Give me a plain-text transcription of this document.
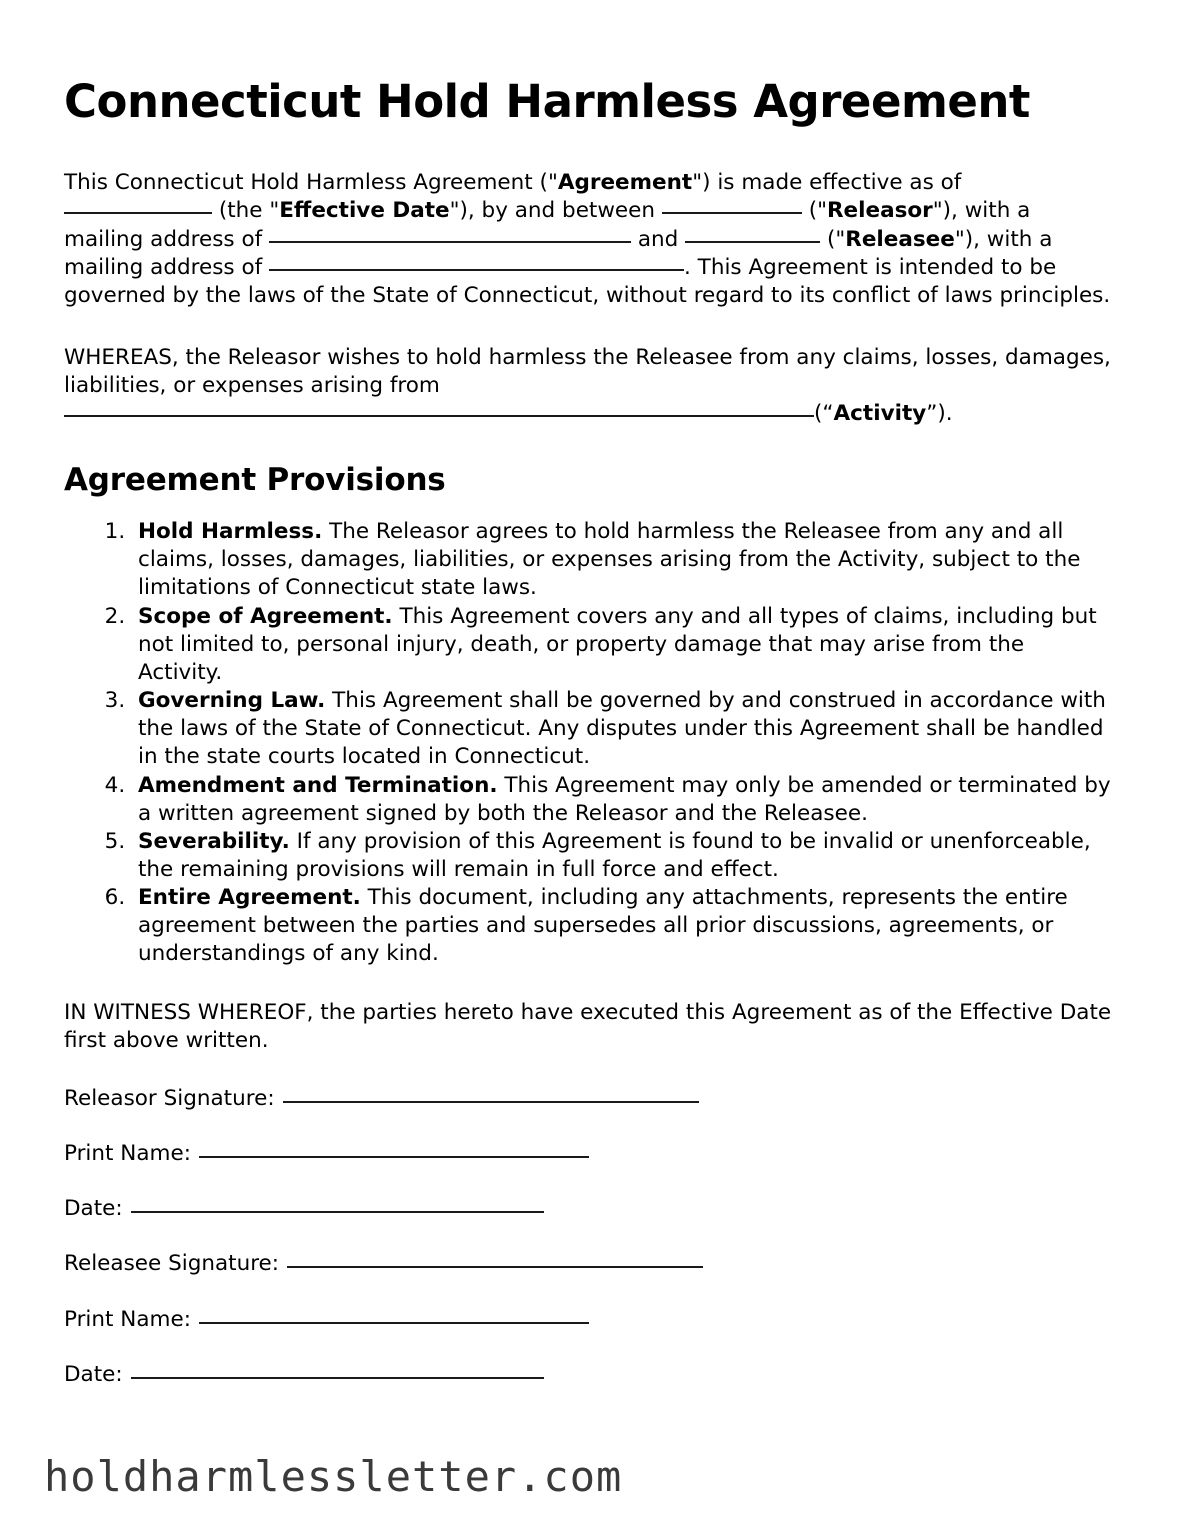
Connecticut Hold Harmless Agreement

This Connecticut Hold Harmless Agreement ("Agreement") is made effective as of  (the "Effective Date"), by and between	("Releasor"), with a mailing address of	and	("Releasee"), with a mailing address of	. This Agreement is intended to be governed by the laws of the State of Connecticut, without regard to its conflict of laws principles.

WHEREAS, the Releasor wishes to hold harmless the Releasee from any claims, losses, damages, liabilities, or expenses arising from
(“Activity”).

Agreement Provisions
1. Hold Harmless. The Releasor agrees to hold harmless the Releasee from any and all claims, losses, damages, liabilities, or expenses arising from the Activity, subject to the limitations of Connecticut state laws.
2. Scope of Agreement. This Agreement covers any and all types of claims, including but not limited to, personal injury, death, or property damage that may arise from the Activity.
3. Governing Law. This Agreement shall be governed by and construed in accordance with the laws of the State of Connecticut. Any disputes under this Agreement shall be handled in the state courts located in Connecticut.
4. Amendment and Termination. This Agreement may only be amended or terminated by a written agreement signed by both the Releasor and the Releasee.
5. Severability. If any provision of this Agreement is found to be invalid or unenforceable, the remaining provisions will remain in full force and effect.
6. Entire Agreement. This document, including any attachments, represents the entire agreement between the parties and supersedes all prior discussions, agreements, or understandings of any kind.

IN WITNESS WHEREOF, the parties hereto have executed this Agreement as of the Effective Date first above written.

Releasor Signature:
Print Name:
Date:
Releasee Signature:
Print Name:
Date:
holdharmlessletter.com
